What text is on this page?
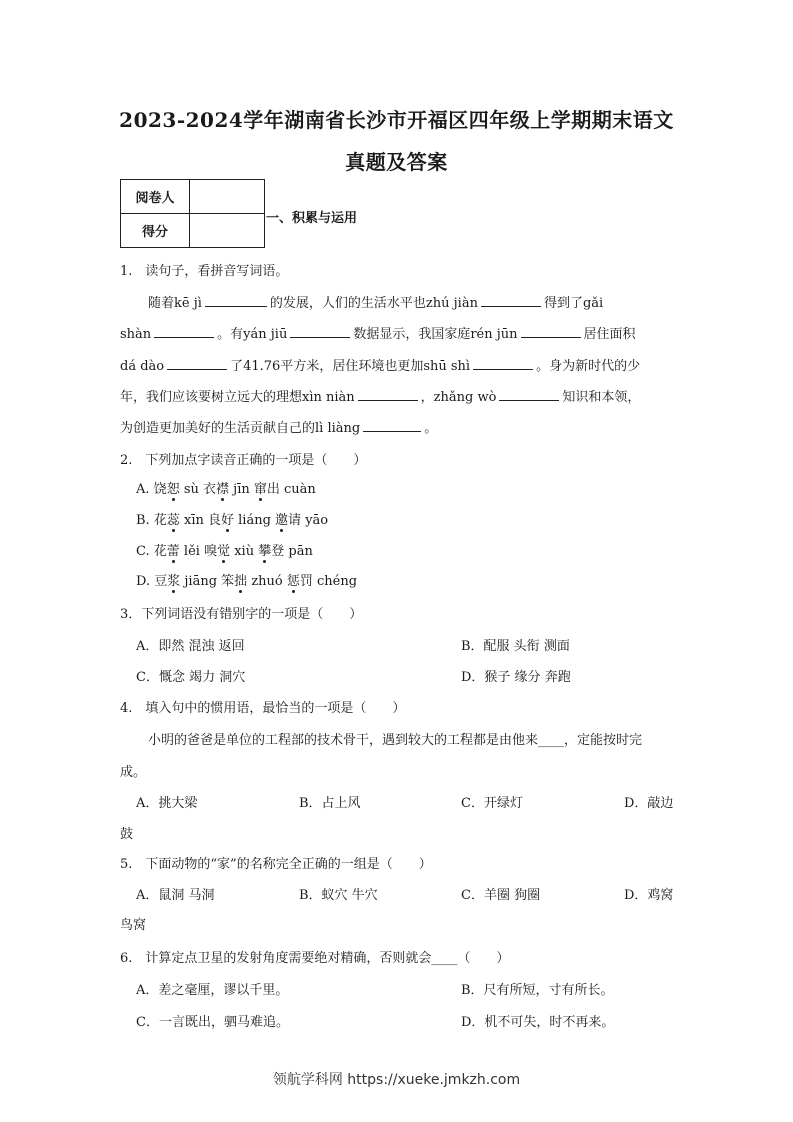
2023-2024学年湖南省长沙市开福区四年级上学期期末语文
真题及答案
阅卷人	
得分	
一、积累与运用
1.　读句子，看拼音写词语。
随着kē jì	的发展，人们的生活水平也zhú jiàn	得到了gǎi
shàn	。有yán jiū	数据显示，我国家庭rén jūn	居住面积
dá dào	了41.76平方米，居住环境也更加shū shì	。身为新时代的少
年，我们应该要树立远大的理想xìn niàn	，zhǎng wò	知识和本领，
为创造更加美好的生活贡献自己的lì liàng	。
2.　下列加点字读音正确的一项是（　　）
A. 饶恕 sù 衣襟 jīn 窜出 cuàn
B. 花蕊 xīn 良好 liáng 邀请 yāo
C. 花蕾 lěi 嗅觉 xiù 攀登 pān
D. 豆浆 jiāng 笨拙 zhuó 惩罚 chéng
3．下列词语没有错别字的一项是（　　）
A．即然 混浊 返回	B．配服 头衔 测面
C．慨念 竭力 洞穴	D．猴子 缘分 奔跑
4.　填入句中的惯用语，最恰当的一项是（　　）
小明的爸爸是单位的工程部的技术骨干，遇到较大的工程都是由他来____，定能按时完
成。
A．挑大梁	B．占上风	C．开绿灯	D．敲边
鼓
5.　下面动物的“家”的名称完全正确的一组是（　　）
A．鼠洞 马洞	B．蚁穴 牛穴	C．羊圈 狗圈	D．鸡窝
鸟窝
6.　计算定点卫星的发射角度需要绝对精确，否则就会____（　　）
A．差之毫厘，谬以千里。	B．尺有所短，寸有所长。
C．一言既出，驷马难追。	D．机不可失，时不再来。
领航学科网 https://xueke.jmkzh.com
